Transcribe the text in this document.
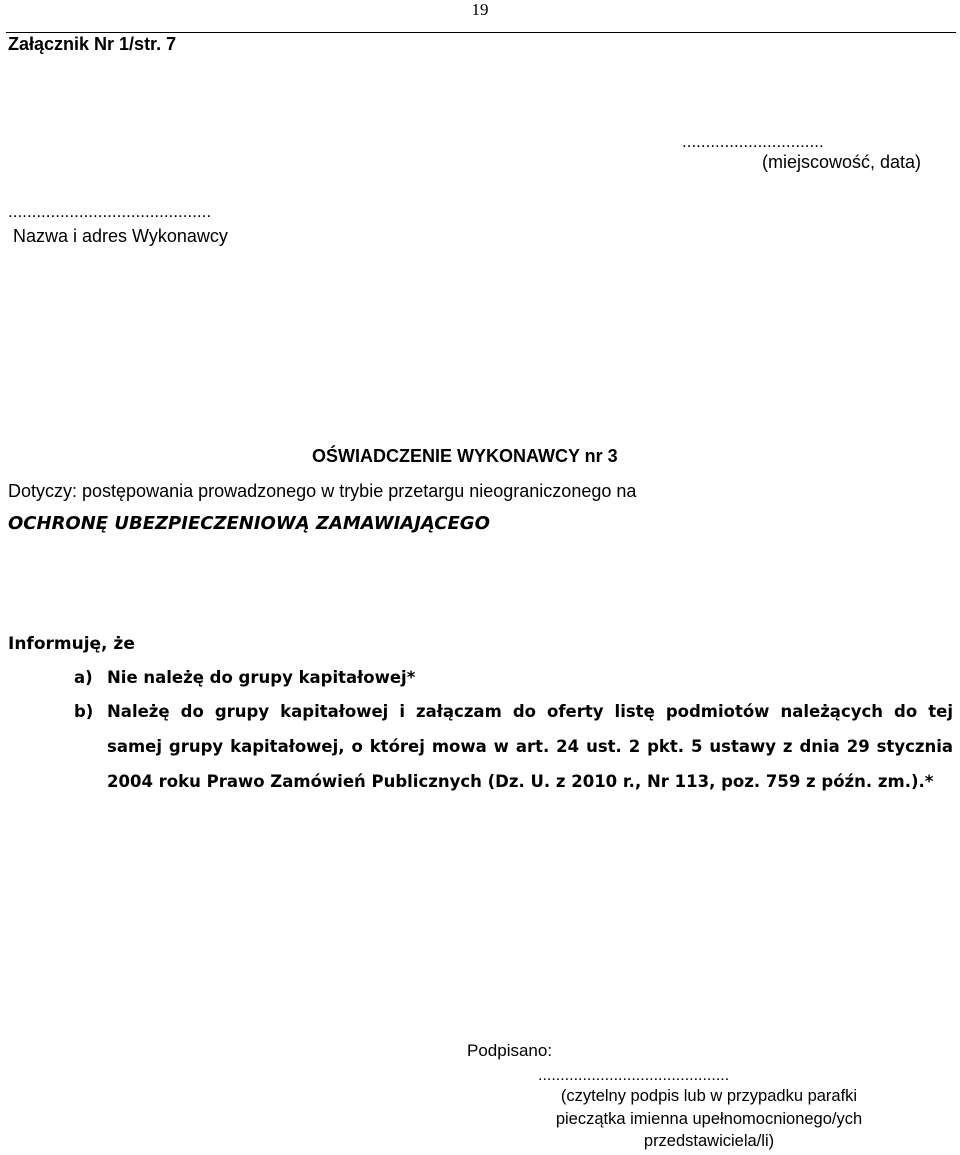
19
Załącznik Nr 1/str. 7
..............................
(miejscowość, data)
...........................................
Nazwa i adres Wykonawcy
OŚWIADCZENIE WYKONAWCY nr 3
Dotyczy: postępowania prowadzonego w trybie przetargu nieograniczonego na
OCHRONĘ UBEZPIECZENIOWĄ ZAMAWIAJĄCEGO
Informuję, że
a) Nie należę do grupy kapitałowej*
b) Należę do grupy kapitałowej i załączam do oferty listę podmiotów należących do tej
samej grupy kapitałowej, o której mowa w art. 24 ust. 2 pkt. 5 ustawy z dnia 29 stycznia
2004 roku Prawo Zamówień Publicznych (Dz. U. z 2010 r., Nr 113, poz. 759 z późn. zm.).*
Podpisano:
...........................................
(czytelny podpis lub w przypadku parafki
pieczątka imienna upełnomocnionego/ych
przedstawiciela/li)
